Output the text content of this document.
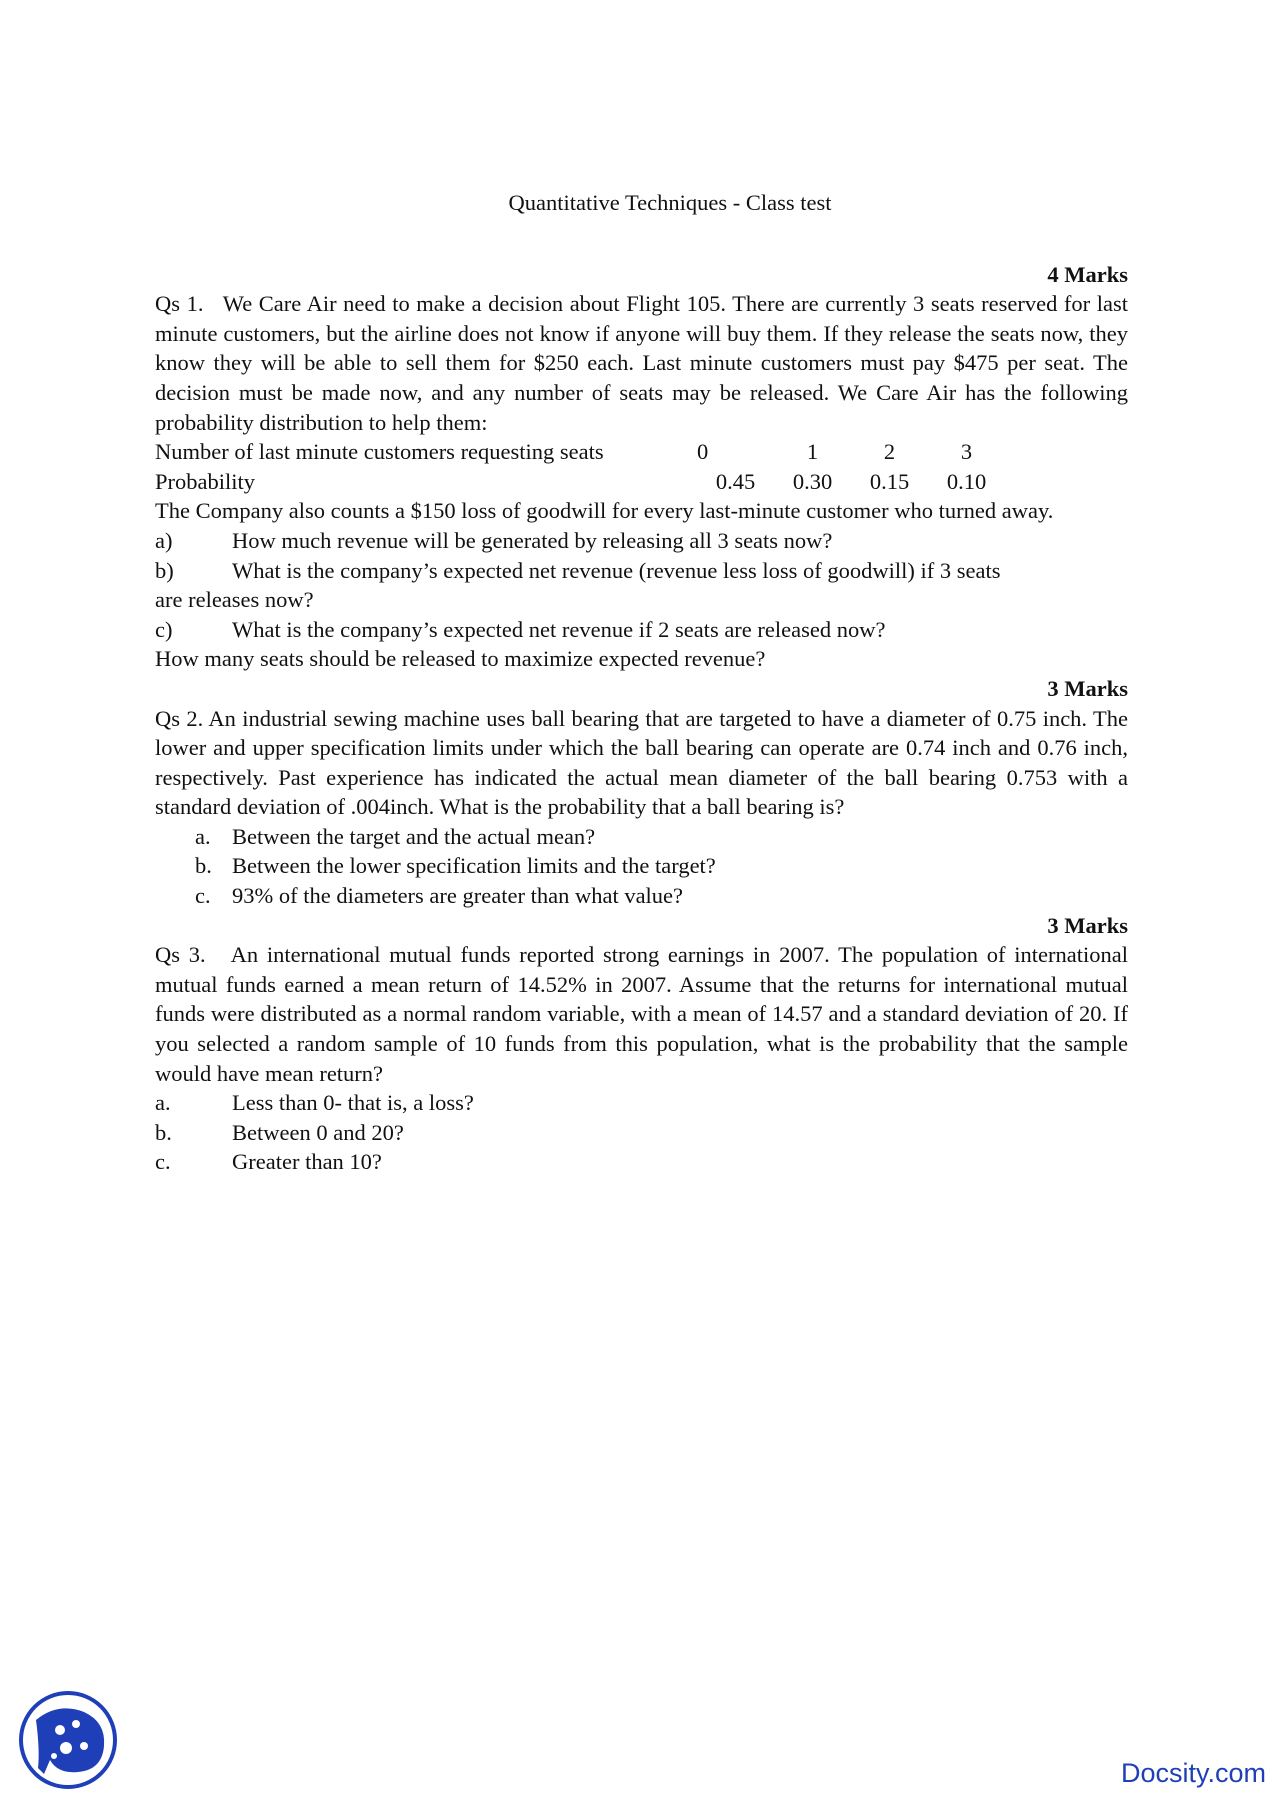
Quantitative Techniques - Class test
4 Marks

Qs 1.   We Care Air need to make a decision about Flight 105. There are currently 3 seats reserved for last minute customers, but the airline does not know if anyone will buy them. If they release the seats now, they know they will be able to sell them for $250 each. Last minute customers must pay $475 per seat. The decision must be made now, and any number of seats may be released. We Care Air has the following probability distribution to help them:

Number of last minute customers requesting seats	0	1	2	3
Probability	0.45	0.30	0.15	0.10

The Company also counts a $150 loss of goodwill for every last-minute customer who turned away.

a)	How much revenue will be generated by releasing all 3 seats now?
b)	What is the company’s expected net revenue (revenue less loss of goodwill) if 3 seats
are releases now?
c)	What is the company’s expected net revenue if 2 seats are released now?
How many seats should be released to maximize expected revenue?
3 Marks

Qs 2. An industrial sewing machine uses ball bearing that are targeted to have a diameter of 0.75 inch. The lower and upper specification limits under which the ball bearing can operate are 0.74 inch and 0.76 inch, respectively. Past experience has indicated the actual mean diameter of the ball bearing 0.753 with a standard deviation of .004inch. What is the probability that a ball bearing is?

a. Between the target and the actual mean?
b. Between the lower specification limits and the target?
c. 93% of the diameters are greater than what value?
3 Marks

Qs 3.   An international mutual funds reported strong earnings in 2007. The population of international mutual funds earned a mean return of 14.52% in 2007. Assume that the returns for international mutual funds were distributed as a normal random variable, with a mean of 14.57 and a standard deviation of 20. If you selected a random sample of 10 funds from this population, what is the probability that the sample would have mean return?

a.	Less than 0- that is, a loss?
b.	Between 0 and 20?
c.	Greater than 10?
Docsity.com
